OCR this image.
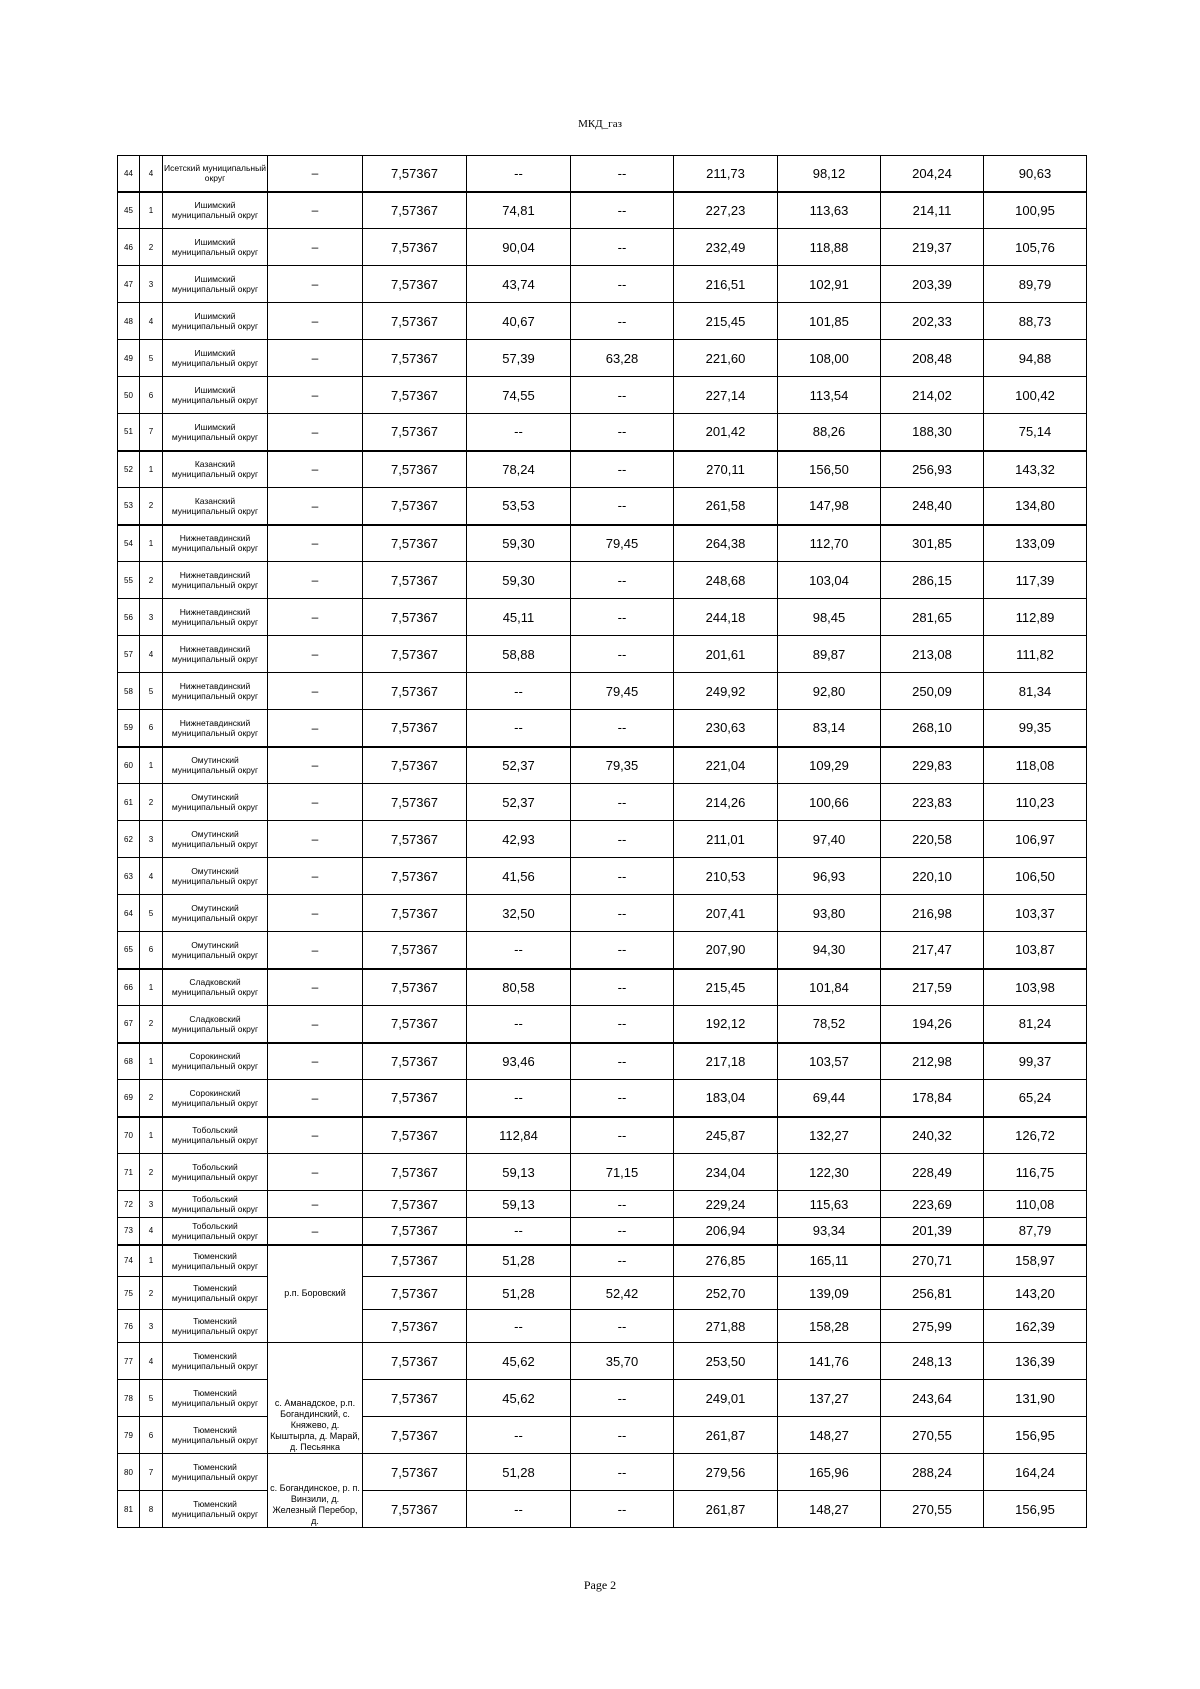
МКД_газ
44	4	Исетский муниципальный округ	–	7,57367	--	--	211,73	98,12	204,24	90,63
45	1	Ишимский муниципальный округ	–	7,57367	74,81	--	227,23	113,63	214,11	100,95
46	2	Ишимский муниципальный округ	–	7,57367	90,04	--	232,49	118,88	219,37	105,76
47	3	Ишимский муниципальный округ	–	7,57367	43,74	--	216,51	102,91	203,39	89,79
48	4	Ишимский муниципальный округ	–	7,57367	40,67	--	215,45	101,85	202,33	88,73
49	5	Ишимский муниципальный округ	–	7,57367	57,39	63,28	221,60	108,00	208,48	94,88
50	6	Ишимский муниципальный округ	–	7,57367	74,55	--	227,14	113,54	214,02	100,42
51	7	Ишимский муниципальный округ	–	7,57367	--	--	201,42	88,26	188,30	75,14
52	1	Казанский муниципальный округ	–	7,57367	78,24	--	270,11	156,50	256,93	143,32
53	2	Казанский муниципальный округ	–	7,57367	53,53	--	261,58	147,98	248,40	134,80
54	1	Нижнетавдинский муниципальный округ	–	7,57367	59,30	79,45	264,38	112,70	301,85	133,09
55	2	Нижнетавдинский муниципальный округ	–	7,57367	59,30	--	248,68	103,04	286,15	117,39
56	3	Нижнетавдинский муниципальный округ	–	7,57367	45,11	--	244,18	98,45	281,65	112,89
57	4	Нижнетавдинский муниципальный округ	–	7,57367	58,88	--	201,61	89,87	213,08	111,82
58	5	Нижнетавдинский муниципальный округ	–	7,57367	--	79,45	249,92	92,80	250,09	81,34
59	6	Нижнетавдинский муниципальный округ	–	7,57367	--	--	230,63	83,14	268,10	99,35
60	1	Омутинский муниципальный округ	–	7,57367	52,37	79,35	221,04	109,29	229,83	118,08
61	2	Омутинский муниципальный округ	–	7,57367	52,37	--	214,26	100,66	223,83	110,23
62	3	Омутинский муниципальный округ	–	7,57367	42,93	--	211,01	97,40	220,58	106,97
63	4	Омутинский муниципальный округ	–	7,57367	41,56	--	210,53	96,93	220,10	106,50
64	5	Омутинский муниципальный округ	–	7,57367	32,50	--	207,41	93,80	216,98	103,37
65	6	Омутинский муниципальный округ	–	7,57367	--	--	207,90	94,30	217,47	103,87
66	1	Сладковский муниципальный округ	–	7,57367	80,58	--	215,45	101,84	217,59	103,98
67	2	Сладковский муниципальный округ	–	7,57367	--	--	192,12	78,52	194,26	81,24
68	1	Сорокинский муниципальный округ	–	7,57367	93,46	--	217,18	103,57	212,98	99,37
69	2	Сорокинский муниципальный округ	–	7,57367	--	--	183,04	69,44	178,84	65,24
70	1	Тобольский муниципальный округ	–	7,57367	112,84	--	245,87	132,27	240,32	126,72
71	2	Тобольский муниципальный округ	–	7,57367	59,13	71,15	234,04	122,30	228,49	116,75
72	3	Тобольский муниципальный округ	–	7,57367	59,13	--	229,24	115,63	223,69	110,08
73	4	Тобольский муниципальный округ	–	7,57367	--	--	206,94	93,34	201,39	87,79
74	1	Тюменский муниципальный округ	р.п. Боровский	7,57367	51,28	--	276,85	165,11	270,71	158,97
75	2	Тюменский муниципальный округ		7,57367	51,28	52,42	252,70	139,09	256,81	143,20
76	3	Тюменский муниципальный округ		7,57367	--	--	271,88	158,28	275,99	162,39
77	4	Тюменский муниципальный округ	с. Аманадское, р.п. Богандинский, с. Княжево, д. Кыштырла, д. Марай, д. Песьянка	7,57367	45,62	35,70	253,50	141,76	248,13	136,39
78	5	Тюменский муниципальный округ		7,57367	45,62	--	249,01	137,27	243,64	131,90
79	6	Тюменский муниципальный округ		7,57367	--	--	261,87	148,27	270,55	156,95
80	7	Тюменский муниципальный округ	с. Богандинское, р. п. Винзили, д. Железный Перебор, д.	7,57367	51,28	--	279,56	165,96	288,24	164,24
81	8	Тюменский муниципальный округ		7,57367	--	--	261,87	148,27	270,55	156,95
Page 2
